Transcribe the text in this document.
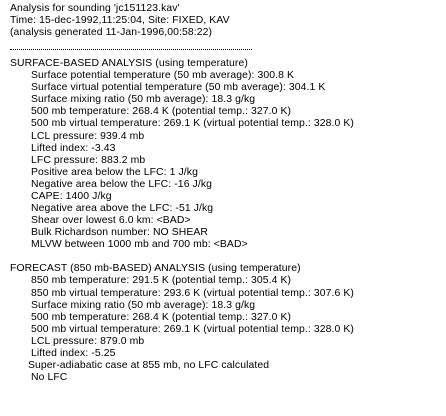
Analysis for sounding 'jc151123.kav'
Time: 15-dec-1992,11:25:04, Site: FIXED, KAV
(analysis generated 11-Jan-1996,00:58:22)
SURFACE-BASED ANALYSIS (using temperature)
Surface potential temperature (50 mb average): 300.8 K
Surface virtual potential temperature (50 mb average): 304.1 K
Surface mixing ratio (50 mb average): 18.3 g/kg
500 mb temperature: 268.4 K (potential temp.: 327.0 K)
500 mb virtual temperature: 269.1 K (virtual potential temp.: 328.0 K)
LCL pressure: 939.4 mb
Lifted index: -3.43
LFC pressure: 883.2 mb
Positive area below the LFC: 1 J/kg
Negative area below the LFC: -16 J/kg
CAPE: 1400 J/kg
Negative area above the LFC: -51 J/kg
Shear over lowest 6.0 km: <BAD>
Bulk Richardson number: NO SHEAR
MLVW between 1000 mb and 700 mb: <BAD>
FORECAST (850 mb-BASED) ANALYSIS (using temperature)
850 mb temperature: 291.5 K (potential temp.: 305.4 K)
850 mb virtual temperature: 293.6 K (virtual potential temp.: 307.6 K)
Surface mixing ratio (50 mb average): 18.3 g/kg
500 mb temperature: 268.4 K (potential temp.: 327.0 K)
500 mb virtual temperature: 269.1 K (virtual potential temp.: 328.0 K)
LCL pressure: 879.0 mb
Lifted index: -5.25
Super-adiabatic case at 855 mb, no LFC calculated
No LFC
